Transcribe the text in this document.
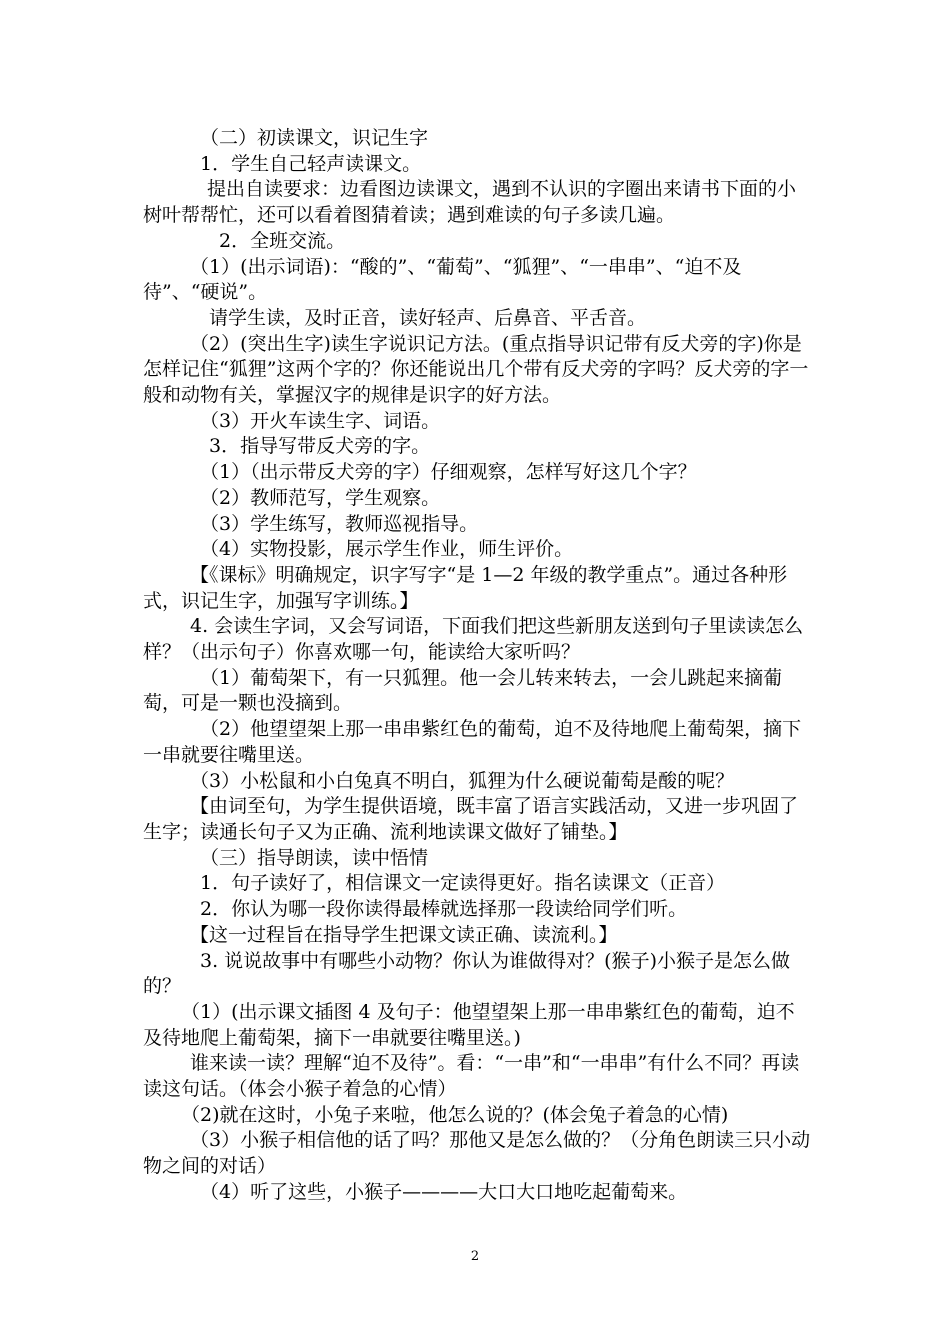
（二）初读课文，识记生字

1．学生自己轻声读课文。

提出自读要求：边看图边读课文，遇到不认识的字圈出来请书下面的小树叶帮帮忙，还可以看着图猜着读；遇到难读的句子多读几遍。

2．全班交流。

（1）(出示词语)：“酸的”、“葡萄”、“狐狸”、“一串串”、“迫不及待”、“硬说”。

请学生读，及时正音，读好轻声、后鼻音、平舌音。

（2）(突出生字)读生字说识记方法。(重点指导识记带有反犬旁的字)你是怎样记住“狐狸”这两个字的？你还能说出几个带有反犬旁的字吗？反犬旁的字一般和动物有关，掌握汉字的规律是识字的好方法。

（3）开火车读生字、词语。

3．指导写带反犬旁的字。

（1）（出示带反犬旁的字）仔细观察，怎样写好这几个字？

（2）教师范写，学生观察。

（3）学生练写，教师巡视指导。

（4）实物投影，展示学生作业，师生评价。

【《课标》明确规定，识字写字“是 1—2 年级的教学重点”。通过各种形式，识记生字，加强写字训练。】

4. 会读生字词，又会写词语，下面我们把这些新朋友送到句子里读读怎么样？（出示句子）你喜欢哪一句，能读给大家听吗？

（1）葡萄架下，有一只狐狸。他一会儿转来转去，一会儿跳起来摘葡萄，可是一颗也没摘到。

（2）他望望架上那一串串紫红色的葡萄，迫不及待地爬上葡萄架，摘下一串就要往嘴里送。

（3）小松鼠和小白兔真不明白，狐狸为什么硬说葡萄是酸的呢？

【由词至句，为学生提供语境，既丰富了语言实践活动，又进一步巩固了生字；读通长句子又为正确、流利地读课文做好了铺垫。】

（三）指导朗读，读中悟情

1．句子读好了，相信课文一定读得更好。指名读课文（正音）

2．你认为哪一段你读得最棒就选择那一段读给同学们听。

【这一过程旨在指导学生把课文读正确、读流利。】

3. 说说故事中有哪些小动物？你认为谁做得对？(猴子)小猴子是怎么做的？

（1）(出示课文插图 4 及句子：他望望架上那一串串紫红色的葡萄，迫不及待地爬上葡萄架，摘下一串就要往嘴里送。)

谁来读一读？理解“迫不及待”。看：“一串”和“一串串”有什么不同？再读读这句话。（体会小猴子着急的心情）

（2)就在这时，小兔子来啦，他怎么说的？(体会兔子着急的心情)

（3）小猴子相信他的话了吗？那他又是怎么做的？（分角色朗读三只小动物之间的对话）

（4）听了这些，小猴子————大口大口地吃起葡萄来。

2
